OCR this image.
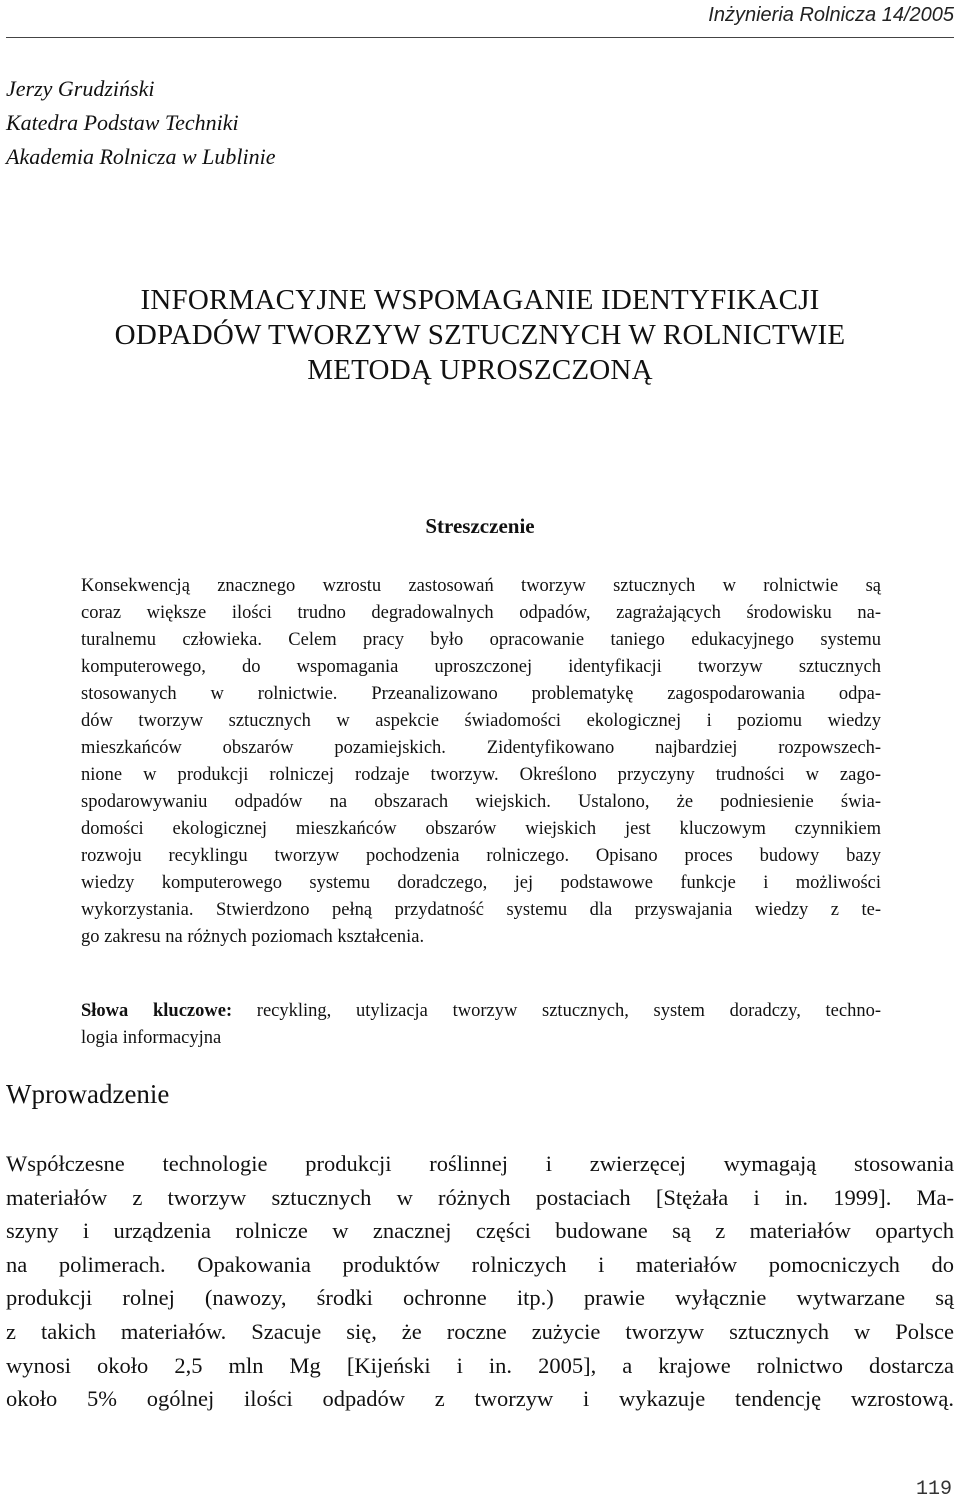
Inżynieria Rolnicza 14/2005
Jerzy Grudziński
Katedra Podstaw Techniki
Akademia Rolnicza w Lublinie
INFORMACYJNE WSPOMAGANIE IDENTYFIKACJI
ODPADÓW TWORZYW SZTUCZNYCH W ROLNICTWIE
METODĄ UPROSZCZONĄ
Streszczenie
Konsekwencją znacznego wzrostu zastosowań tworzyw sztucznych w rolnictwie są
coraz większe ilości trudno degradowalnych odpadów, zagrażających środowisku na-
turalnemu człowieka. Celem pracy było opracowanie taniego edukacyjnego systemu
komputerowego, do wspomagania uproszczonej identyfikacji tworzyw sztucznych
stosowanych w rolnictwie. Przeanalizowano problematykę zagospodarowania odpa-
dów tworzyw sztucznych w aspekcie świadomości ekologicznej i poziomu wiedzy
mieszkańców obszarów pozamiejskich. Zidentyfikowano najbardziej rozpowszech-
nione w produkcji rolniczej rodzaje tworzyw. Określono przyczyny trudności w zago-
spodarowywaniu odpadów na obszarach wiejskich. Ustalono, że podniesienie świa-
domości ekologicznej mieszkańców obszarów wiejskich jest kluczowym czynnikiem
rozwoju recyklingu tworzyw pochodzenia rolniczego. Opisano proces budowy bazy
wiedzy komputerowego systemu doradczego, jej podstawowe funkcje i możliwości
wykorzystania. Stwierdzono pełną przydatność systemu dla przyswajania wiedzy z te-
go zakresu na różnych poziomach kształcenia.
Słowa kluczowe: recykling, utylizacja tworzyw sztucznych, system doradczy, techno-
logia informacyjna
Wprowadzenie
Współczesne technologie produkcji roślinnej i zwierzęcej wymagają stosowania
materiałów z tworzyw sztucznych w różnych postaciach [Stężała i in. 1999]. Ma-
szyny i urządzenia rolnicze w znacznej części budowane są z materiałów opartych
na polimerach. Opakowania produktów rolniczych i materiałów pomocniczych do
produkcji rolnej (nawozy, środki ochronne itp.) prawie wyłącznie wytwarzane są
z takich materiałów. Szacuje się, że roczne zużycie tworzyw sztucznych w Polsce
wynosi około 2,5 mln Mg [Kijeński i in. 2005], a krajowe rolnictwo dostarcza
około 5% ogólnej ilości odpadów z tworzyw i wykazuje tendencję wzrostową.
119
